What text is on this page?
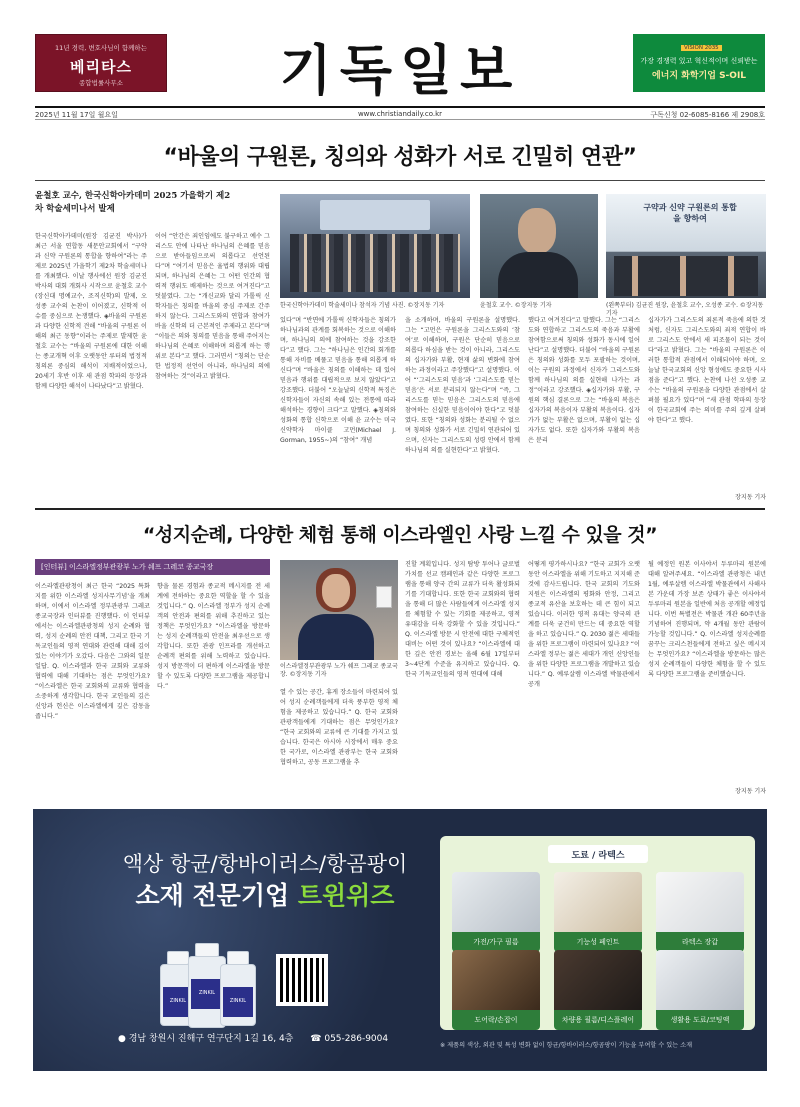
11년 경력, 변호사님이 함께하는
베리타스
종합법률사무소	기독일보	VISION 2035
가장 경쟁력 있고 혁신적이며 신뢰받는
에너지 화학기업 S-OIL
2025년 11월 17일 월요일	www.christiandaily.co.kr	구독신청 02-6085-8166 제 2908호
“바울의 구원론, 칭의와 성화가 서로 긴밀히 연관”
윤철호 교수, 한국신학아카데미 2025 가을학기 제2차 학술세미나서 발제
한국신학아카데미(원장 김균진 박사)가 최근 서울 연합동 새문안교회에서 “구약과 신약 구원론의 통합을 향하여”라는 주제로 2025년 가을학기 제2차 학술세미나를 개최했다. 이날 행사에선 원장 김균진 박사의 대회 개회사 시작으로 윤철호 교수(장신대 명예교수, 조직신학)의 발제, 오성종 교수의 논찬이 이어졌고, 신학적 이슈를 중심으로 논쟁했다. ◈바울의 구원론과 다양한 신학적 견해 “바울의 구원론 이해의 최근 동향”이라는 주제로 발제한 윤철호 교수는 “바울의 구원론에 대한 이해는 종교개혁 이후 오랫동안 루터의 법정적 칭의론 중심의 해석이 지배적이었으나, 20세기 후반 이후 새 관점 학파의 등장과 함께 다양한 해석이 나타났다”고 밝혔다.
이어 “안간은 죄인임에도 불구하고 예수 그리스도 안에 나타난 하나님의 은혜를 믿음으로 받아들임으로써 의롭다고 선언된다”며 “여기서 믿음은 율법의 행위와 대립되며, 하나님의 은혜는 그 어떤 인간의 협력적 행위도 배제하는 것으로 여겨진다”고 덧붙였다. 그는 “개신교와 달리 가톨릭 신학자들은 칭의를 바울의 중심 주제로 간주하지 않는다. 그리스도와의 연합과 참여가 바울 신학의 더 근본적인 주제라고 본다”며 “이들은 의와 칭의를 믿음을 통해 주어지는 하나님의 은혜로 이해하며 의롭게 하는 행위로 본다”고 했다. 그러면서 “칭의는 단순한 법정적 선언이 아니라, 하나님의 의에 참여하는 것”이라고 밝혔다.
한국신학아카데미 학술세미나 참석자 기념 사진. ©장지동 기자	윤철호 교수. ©장지동 기자
구약과 신약 구원론의 통합을 향하여
(왼쪽부터) 김균진 원장, 윤철호 교수, 오성종 교수. ©장지동 기자
있다”며 “반면에 가톨릭 신학자들은 칭의가 하나님과의 관계를 회복하는 것으로 이해하며, 하나님의 의에 참여하는 것을 강조한다”고 했다. 그는 “하나님은 인간의 회개를 통해 자비를 베풀고 믿음을 통해 의롭게 하신다”며 “바울은 칭의를 이해하는 데 있어 믿음과 행위를 대립적으로 보지 않았다”고 강조했다. 더불어 “오늘날의 신학적 특징은 신학자들이 자신의 속해 있는 전통에 따라 해석하는 경향이 크다”고 말했다. ◈칭의와 성화의 통합 신학으로 이해 윤 교수는 미국 신약학자 마이클 고먼(Michael J. Gorman, 1955~)의 “참여” 개념
을 소개하며, 바울의 구원론을 설명했다. 그는 “고먼은 구원론을 그리스도와의 ‘참여’로 이해하며, 구원은 단순히 믿음으로 의롭다 하심을 받는 것이 아니라, 그리스도의 십자가와 부활, 현재 삶의 변화에 참여하는 과정이라고 주장했다”고 설명했다. 이어 “‘그리스도의 믿음’과 ‘그리스도를 믿는 믿음’은 서로 분리되지 않는다”며 “즉, 그리스도를 믿는 믿음은 그리스도의 믿음에 참여하는 신실한 믿음이어야 한다”고 덧붙였다. 또한 “칭의와 성화는 분리될 수 없으며 칭의와 성화가 서로 긴밀히 연관되어 있으며, 신자는 그리스도의 성령 안에서 함께 하나님의 의를 실현한다”고 밝혔다.
했다고 여겨진다”고 말했다. 그는 “그리스도와 연합하고 그리스도의 죽음과 부활에 참여함으로써 칭의와 성화가 동시에 일어난다”고 설명했다. 더불어 “바울의 구원론은 칭의와 성화를 모두 포괄하는 것이며, 이는 구원의 과정에서 신자가 그리스도와 함께 하나님의 의를 실현해 나가는 과정”이라고 강조했다. ◈십자가와 부활, 구원의 핵심 결론으로 그는 “바울의 복음은 십자가의 복음이자 부활의 복음이다. 십자가가 없는 부활은 없으며, 부활이 없는 십자가도 없다. 또한 십자가와 부활의 복음은 분리
십자가가 그리스도의 죄론적 죽음에 의한 것처럼, 신자도 그리스도와의 죄적 연합이 바로 그리스도 안에서 새 피조물이 되는 것이다”라고 밝혔다. 그는 “바울의 구원론은 이러한 통합적 관점에서 이해되어야 하며, 오늘날 한국교회의 신앙 형성에도 중요한 시사점을 준다”고 했다. 논찬에 나선 오성종 교수는 “바울의 구원론을 다양한 관점에서 살펴볼 필요가 있다”며 “새 관점 학파의 등장이 한국교회에 주는 의미를 주의 깊게 살펴야 한다”고 했다.
장지동 기자
“성지순례, 다양한 체험 통해 이스라엘인 사랑 느낄 수 있을 것”
[인터뷰] 이스라엘정부관광부 노가 쉐프 그레코 종교국장
이스라엘관광청이 최근 한국 “2025 특화지를 위한 이스라엘 성지사무기념’을 개최하며, 이에서 이스라엘 정부관광부 그레코 종교국장과 인터뷰를 진행했다. 이 인터뷰에서는 이스라엘관광청의 성지 순례와 협력, 성지 순례의 안전 대책, 그리고 한국 기독교인들의 영적 연대와 관련해 대해 깊이 있는 이야기가 오갔다. 다음은 그와의 일문일답. Q. 이스라엘과 한국 교회와 교류와 협력에 대해 기대하는 점은 무엇인가요? “이스라엘은 한국 교회와의 교류와 협력을 소중하게 생각합니다. 한국 교인들의 깊은 신앙과 헌신은 이스라엘에게 깊은 감동을 줍니다.”
향을 물론 경험과 종교적 메시지를 전 세계에 전하하는 중요한 역할을 할 수 있을 것입니다.” Q. 이스라엘 정부가 성지 순례객의 안전과 편의를 위해 추진하고 있는 정책은 무엇인가요? “이스라엘을 방문하는 성지 순례객들의 안전을 최우선으로 생각합니다. 또한 관광 인프라를 개선하고 순례객 편의를 위해 노력하고 있습니다. 성지 방문객이 더 편하게 이스라엘을 방문할 수 있도록 다양한 프로그램을 제공합니다.”
이스라엘정부관광부 노가 쉐프 그레코 종교국장. ©장지동 기자
열 수 있는 공간, 휴게 장소들이 마련되어 있어 성지 순례객들에게 더욱 풍부한 영적 체험을 제공하고 있습니다.” Q. 한국 교회와 관광객들에게 기대하는 점은 무엇인가요? “한국 교회와의 교류에 큰 기대를 가지고 있습니다. 한국은 아시아 시장에서 매우 중요한 국가로, 이스라엘 관광부는 한국 교회와 협력하고, 공동 프로그램을 추
진할 계획입니다. 성지 탐방 투어나 글로벌 가치를 선교 캠페인과 같은 다양한 프로그램을 통해 양국 간의 교류가 더욱 활성화되기를 기대합니다. 또한 한국 교회와의 협력을 통해 더 많은 사람들에게 이스라엘 성지를 체험할 수 있는 기회를 제공하고, 영적 유대감을 더욱 강화할 수 있을 것입니다.” Q. 이스라엘 방문 시 안전에 대한 구체적인 대비는 어떤 것이 있나요? “이스라엘에 대한 깊은 안전 경보는 올해 6월 17일부터 3~4단계 수준을 유지하고 있습니다. Q. 한국 기독교인들의 영적 연대에 대해
어떻게 평가하시나요? “한국 교회가 오랫동안 이스라엘을 위해 기도하고 지지해 준 것에 감사드립니다. 한국 교회의 기도와 지원은 이스라엘의 평화와 안정, 그리고 종교적 유산을 보호하는 데 큰 힘이 되고 있습니다. 이러한 영적 유대는 양국의 관계를 더욱 굳건히 만드는 데 중요한 역할을 하고 있습니다.” Q. 2030 젊은 세대들을 위한 프로그램이 마련되어 있나요? “이스라엘 정부는 젊은 세대가 개인 신앙인들을 위한 다양한 프로그램을 개발하고 있습니다.” Q. 예루살렘 이스라엘 박물관에서 공개
될 예정인 원본 이사야서 두루마리 원본에 대해 알려주세요. “이스라엘 관광청은 내년 1월, 예루살렘 이스라엘 박물관에서 사해사본 가운데 가장 보존 상태가 좋은 이사야서 두루마리 원본을 일반에 처음 공개할 예정입니다. 이번 특별전은 박물관 개관 60주년을 기념하여 진행되며, 약 4개월 동안 관람이 가능할 것입니다.” Q. 이스라엘 성지순례를 꿈꾸는 크리스천들에게 전하고 싶은 메시지는 무엇인가요? “이스라엘을 방문하는 많은 성지 순례객들이 다양한 체험을 할 수 있도록 다양한 프로그램을 준비했습니다.
장지동 기자
액상 항균/항바이러스/항곰팡이
소재 전문기업 트윈위즈
ZINKIL
ZINKIL
ZINKIL
● 경남 창원시 진해구 연구단지 1길 16, 4층 ☎ 055-286-9004
도료 / 라텍스
가전/가구 필름	기능성 페인트	라텍스 장갑
도어락/손잡이	차량용 필름/디스플레이	생활용 도료/코팅액
※ 제품의 색상, 외관 및 특성 변화 없이 항균/항바이러스/항곰팡이 기능을 부여할 수 있는 소재
